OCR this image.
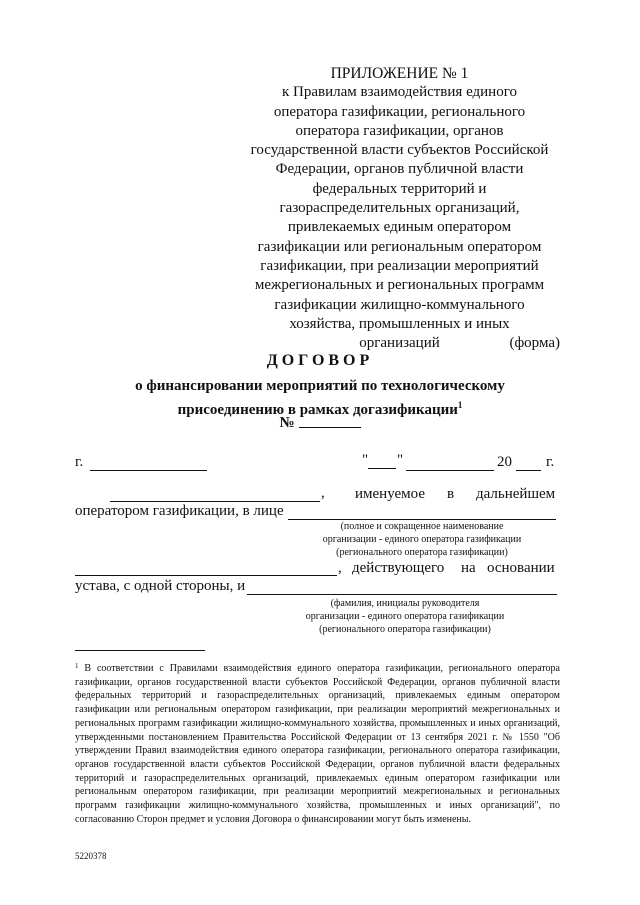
ПРИЛОЖЕНИЕ № 1
к Правилам взаимодействия единого
оператора газификации, регионального
оператора газификации, органов
государственной власти субъектов Российской
Федерации, органов публичной власти
федеральных территорий и
газораспределительных организаций,
привлекаемых единым оператором
газификации или региональным оператором
газификации, при реализации мероприятий
межрегиональных и региональных программ
газификации жилищно-коммунального
хозяйства, промышленных и иных
организаций	(форма)
ДОГОВОР
о финансировании мероприятий по технологическому
присоединению в рамках догазификации$^1$
№
г.	" "	20 г.
, именуемое в дальнейшем
оператором газификации, в лице
(полное и сокращенное наименование
организации - единого оператора газификации
(регионального оператора газификации)
, действующего на основании
устава, с одной стороны, и
(фамилия, инициалы руководителя
организации - единого оператора газификации
(регионального оператора газификации)
$^1$ В соответствии с Правилами взаимодействия единого оператора газификации, регионального оператора газификации, органов государственной власти субъектов Российской Федерации, органов публичной власти федеральных территорий и газораспределительных организаций, привлекаемых единым оператором газификации или региональным оператором газификации, при реализации мероприятий межрегиональных и региональных программ газификации жилищно-коммунального хозяйства, промышленных и иных организаций, утвержденными постановлением Правительства Российской Федерации от 13 сентября 2021 г. № 1550 "Об утверждении Правил взаимодействия единого оператора газификации, регионального оператора газификации, органов государственной власти субъектов Российской Федерации, органов публичной власти федеральных территорий и газораспределительных организаций, привлекаемых единым оператором газификации или региональным оператором газификации, при реализации мероприятий межрегиональных и региональных программ газификации жилищно-коммунального хозяйства, промышленных и иных организаций", по согласованию Сторон предмет и условия Договора о финансировании могут быть изменены.
5220378
